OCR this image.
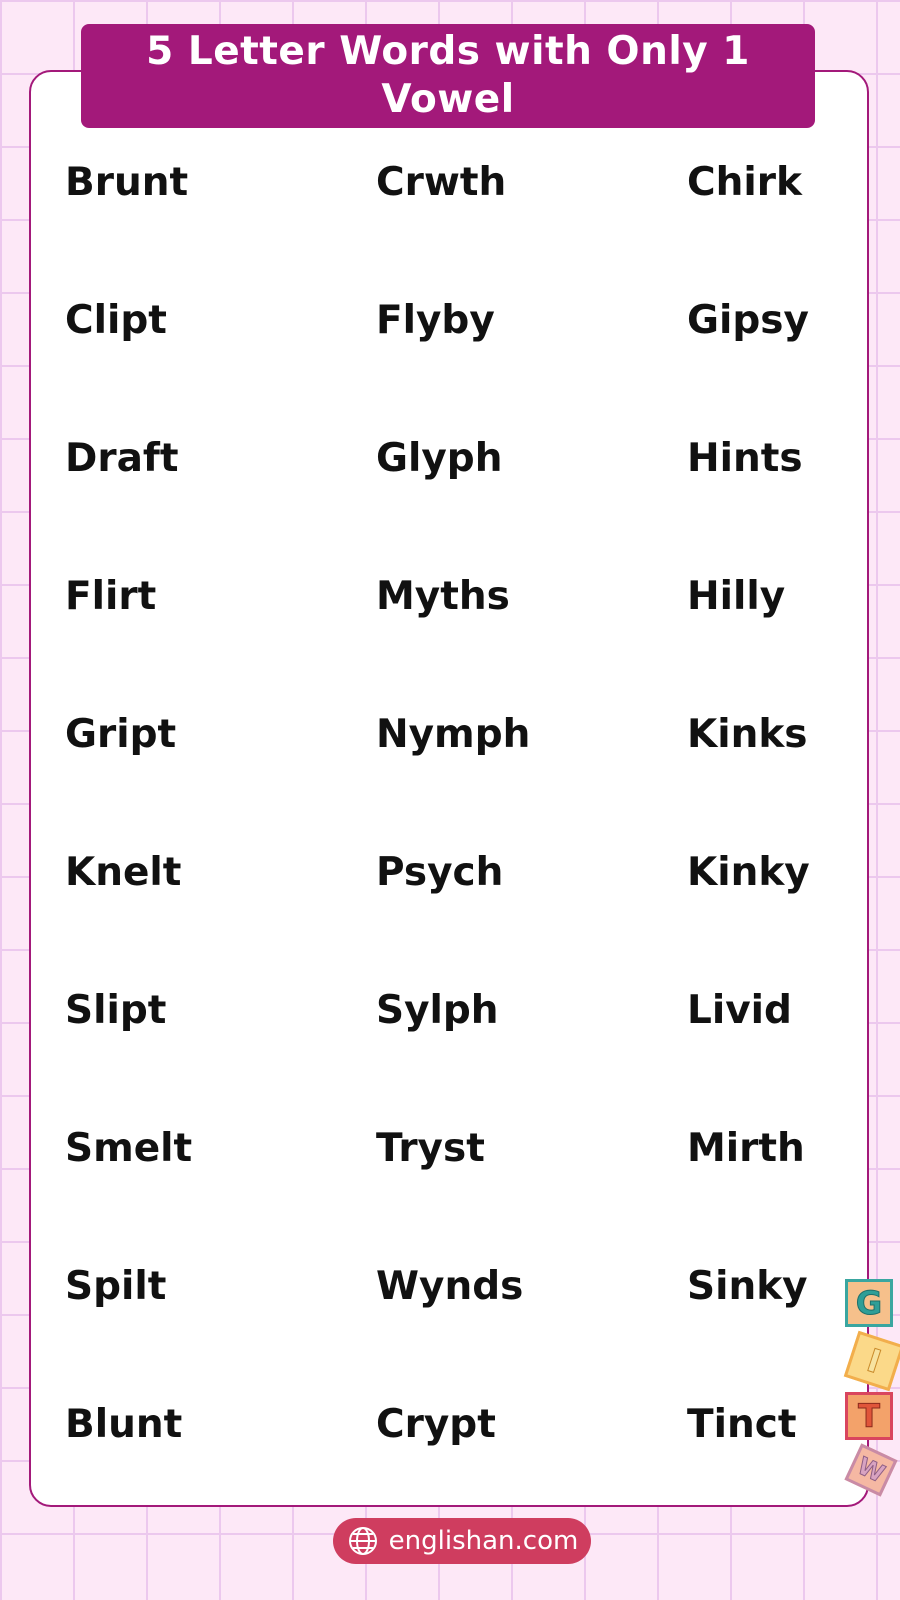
5 Letter Words with Only 1 Vowel
Brunt	Crwth	Chirk
Clipt	Flyby	Gipsy
Draft	Glyph	Hints
Flirt	Myths	Hilly
Gript	Nymph	Kinks
Knelt	Psych	Kinky
Slipt	Sylph	Livid
Smelt	Tryst	Mirth
Spilt	Wynds	Sinky
Blunt	Crypt	Tinct
G
I
T
W
englishan.com
